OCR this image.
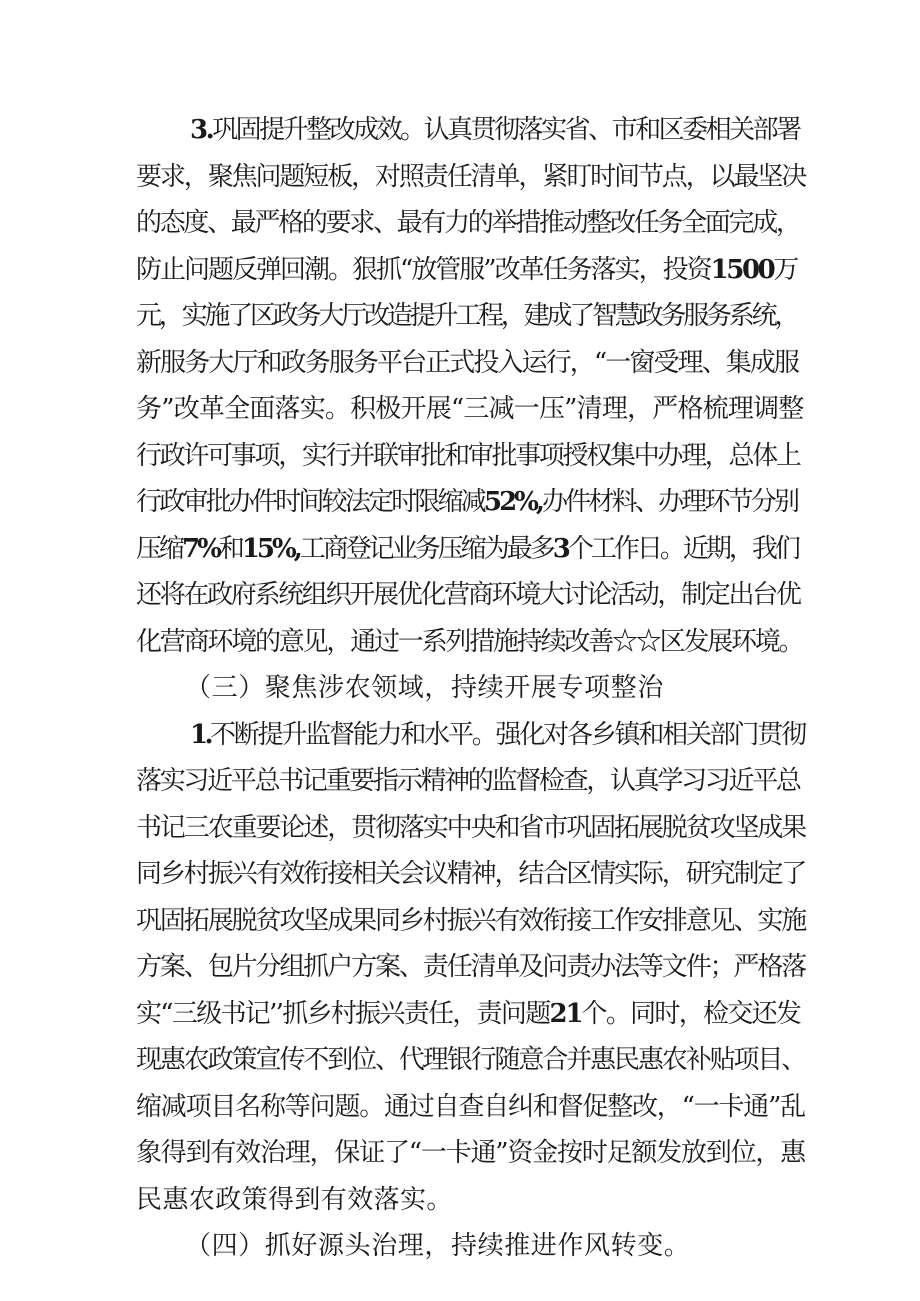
3.巩固提升整改成效。认真贯彻落实省、市和区委相关部署
要求，聚焦问题短板，对照责任清单，紧盯时间节点，以最坚决
的态度、最严格的要求、最有力的举措推动整改任务全面完成，
防止问题反弹回潮。狠抓“放管服”改革任务落实，投资1500万
元，实施了区政务大厅改造提升工程，建成了智慧政务服务系统，
新服务大厅和政务服务平台正式投入运行，“一窗受理、集成服
务”改革全面落实。积极开展“三减一压”清理，严格梳理调整
行政许可事项，实行并联审批和审批事项授权集中办理，总体上
行政审批办件时间较法定时限缩减52%,办件材料、办理环节分别
压缩7%和15%,工商登记业务压缩为最多3个工作日。近期，我们
还将在政府系统组织开展优化营商环境大讨论活动，制定出台优
化营商环境的意见，通过一系列措施持续改善☆☆区发展环境。
（三）聚焦涉农领域，持续开展专项整治
1.不断提升监督能力和水平。强化对各乡镇和相关部门贯彻
落实习近平总书记重要指示精神的监督检查，认真学习习近平总
书记三农重要论述，贯彻落实中央和省市巩固拓展脱贫攻坚成果
同乡村振兴有效衔接相关会议精神，结合区情实际，研究制定了
巩固拓展脱贫攻坚成果同乡村振兴有效衔接工作安排意见、实施
方案、包片分组抓户方案、责任清单及问责办法等文件；严格落
实“三级书记’’抓乡村振兴责任，责问题21个。同时，检交还发
现惠农政策宣传不到位、代理银行随意合并惠民惠农补贴项目、
缩减项目名称等问题。通过自查自纠和督促整改，“一卡通”乱
象得到有效治理，保证了“一卡通”资金按时足额发放到位，惠
民惠农政策得到有效落实。
（四）抓好源头治理，持续推进作风转变。
